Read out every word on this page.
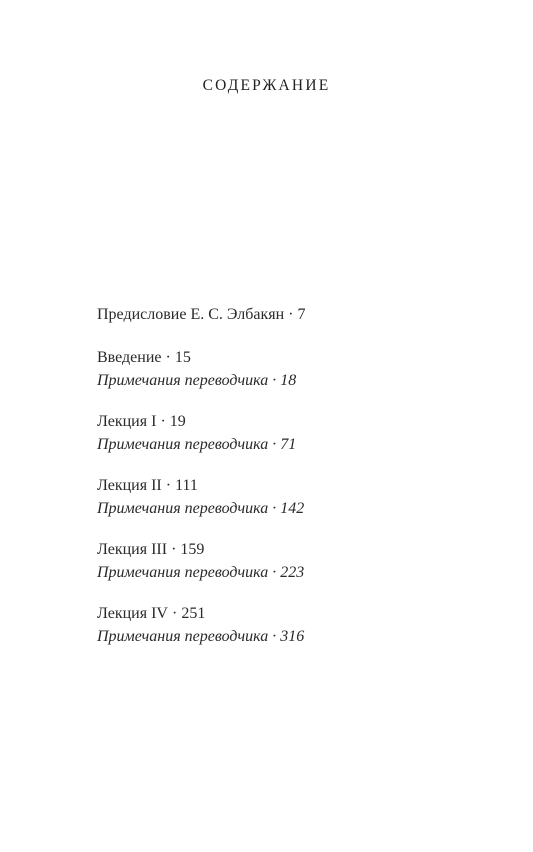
СОДЕРЖАНИЕ
Предисловие Е. С. Элбакян · 7
Введение · 15
Примечания переводчика · 18
Лекция I · 19
Примечания переводчика · 71
Лекция II · 111
Примечания переводчика · 142
Лекция III · 159
Примечания переводчика · 223
Лекция IV · 251
Примечания переводчика · 316
